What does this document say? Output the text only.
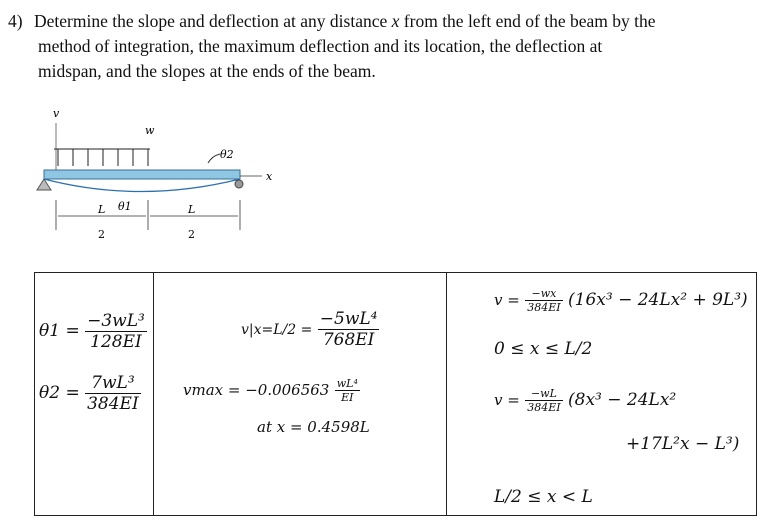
4) Determine the slope and deflection at any distance x from the left end of the beam by the
method of integration, the maximum deflection and its location, the deflection at
midspan, and the slopes at the ends of the beam.
v
w
x
θ2
θ1
L
2
L
2
$\theta 1 = \frac{\text{−3wL³}}{128EI}$
$\theta 2 = \frac{\text{7wL³}}{384EI}$
$v|x=L/2 = \frac{\text{−5wL⁴}}{768EI}$
$vmax = -0.006563 \frac{\text{wL⁴}}{EI}$
at x = 0.4598L
$v = \frac{-wx}{384EI} (16x^3 - 24Lx^2 + 9L^3)$
0 ≤ x ≤ L/2
$v = \frac{-wL}{384EI} (8x^3 - 24Lx^2$
+17L²x − L³)
L/2 ≤ x < L
